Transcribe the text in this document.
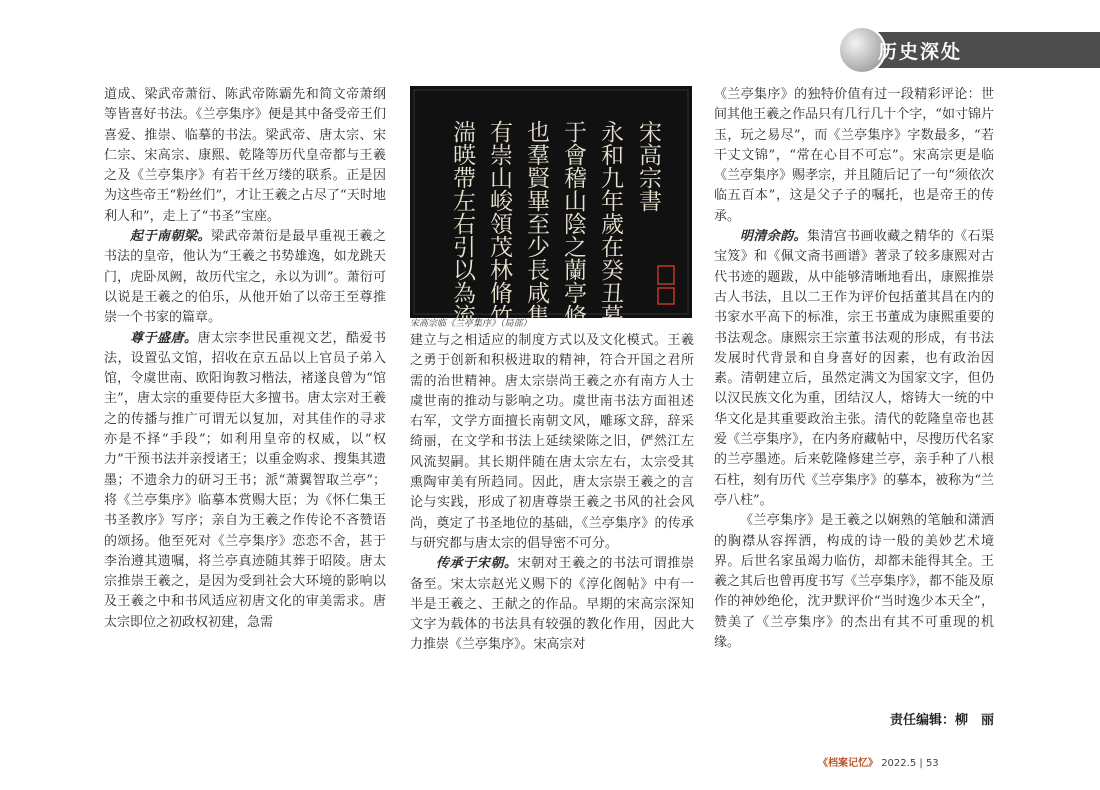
历史深处

道成、梁武帝萧衍、陈武帝陈霸先和简文帝萧纲等皆喜好书法。《兰亭集序》便是其中备受帝王们喜爱、推崇、临摹的书法。梁武帝、唐太宗、宋仁宗、宋高宗、康熙、乾隆等历代皇帝都与王羲之及《兰亭集序》有若干丝万缕的联系。正是因为这些帝王“粉丝们”，才让王羲之占尽了“天时地利人和”，走上了“书圣”宝座。

起于南朝梁。梁武帝萧衍是最早重视王羲之书法的皇帝，他认为“王羲之书势雄逸，如龙跳天门，虎卧凤阙，故历代宝之，永以为训”。萧衍可以说是王羲之的伯乐，从他开始了以帝王至尊推崇一个书家的篇章。

尊于盛唐。唐太宗李世民重视文艺，酷爱书法，设置弘文馆，招收在京五品以上官员子弟入馆，令虞世南、欧阳询教习楷法，褚遂良曾为“馆主”，唐太宗的重要侍臣大多擅书。唐太宗对王羲之的传播与推广可谓无以复加，对其佳作的寻求亦是不择“手段”；如利用皇帝的权威，以“权力”干预书法并亲授诸王；以重金购求、搜集其遗墨；不遗余力的研习王书；派“萧翼智取兰亭”；将《兰亭集序》临摹本赏赐大臣；为《怀仁集王书圣教序》写序；亲自为王羲之作传论不吝赞语的颂扬。他至死对《兰亭集序》恋恋不舍，甚于李治遵其遗嘱，将兰亭真迹随其葬于昭陵。唐太宗推崇王羲之，是因为受到社会大环境的影响以及王羲之中和书风适应初唐文化的审美需求。唐太宗即位之初政权初建，急需

宋高宗書
永和九年歲在癸丑暮春之初會
于會稽山陰之蘭亭脩禊事
也羣賢畢至少長咸集此地
有崇山峻領茂林脩竹又有清流激
湍暎帶左右引以為流觴曲水
宋高宗临《兰亭集序》（局部）

建立与之相适应的制度方式以及文化模式。王羲之勇于创新和积极进取的精神，符合开国之君所需的治世精神。唐太宗崇尚王羲之亦有南方人士虞世南的推动与影响之功。虞世南书法方面祖述右军，文学方面擅长南朝文风，雕琢文辞，辞采绮丽，在文学和书法上延续梁陈之旧，俨然江左风流契嗣。其长期伴随在唐太宗左右，太宗受其熏陶审美有所趋同。因此，唐太宗崇王羲之的言论与实践，形成了初唐尊崇王羲之书风的社会风尚，奠定了书圣地位的基础，《兰亭集序》的传承与研究都与唐太宗的倡导密不可分。

传承于宋朝。宋朝对王羲之的书法可谓推崇备至。宋太宗赵光义赐下的《淳化阁帖》中有一半是王羲之、王献之的作品。早期的宋高宗深知文字为载体的书法具有较强的教化作用，因此大力推崇《兰亭集序》。宋高宗对

《兰亭集序》的独特价值有过一段精彩评论：世间其他王羲之作品只有几行几十个字，“如寸锦片玉，玩之易尽”，而《兰亭集序》字数最多，“若干丈文锦”，“常在心目不可忘”。宋高宗更是临《兰亭集序》赐孝宗，并且随后记了一句“须依次临五百本”，这是父子子的嘱托，也是帝王的传承。

明清余韵。集清宫书画收藏之精华的《石渠宝笈》和《佩文斋书画谱》著录了较多康熙对古代书迹的题跋，从中能够清晰地看出，康熙推崇古人书法，且以二王作为评价包括董其昌在内的书家水平高下的标准，宗王书董成为康熙重要的书法观念。康熙宗王宗董书法观的形成，有书法发展时代背景和自身喜好的因素，也有政治因素。清朝建立后，虽然定满文为国家文字，但仍以汉民族文化为重，团结汉人，熔铸大一统的中华文化是其重要政治主张。清代的乾隆皇帝也甚爱《兰亭集序》，在内务府藏帖中，尽搜历代名家的兰亭墨迹。后来乾隆修建兰亭，亲手种了八根石柱，刻有历代《兰亭集序》的摹本，被称为“兰亭八柱”。

《兰亭集序》是王羲之以娴熟的笔触和潇洒的胸襟从容挥洒，构成的诗一般的美妙艺术境界。后世名家虽竭力临仿，却都未能得其全。王羲之其后也曾再度书写《兰亭集序》，都不能及原作的神妙绝伦，沈尹默评价“当时逸少本天全”，赞美了《兰亭集序》的杰出有其不可重现的机缘。

责任编辑：柳　丽
《档案记忆》 2022.5 | 53
